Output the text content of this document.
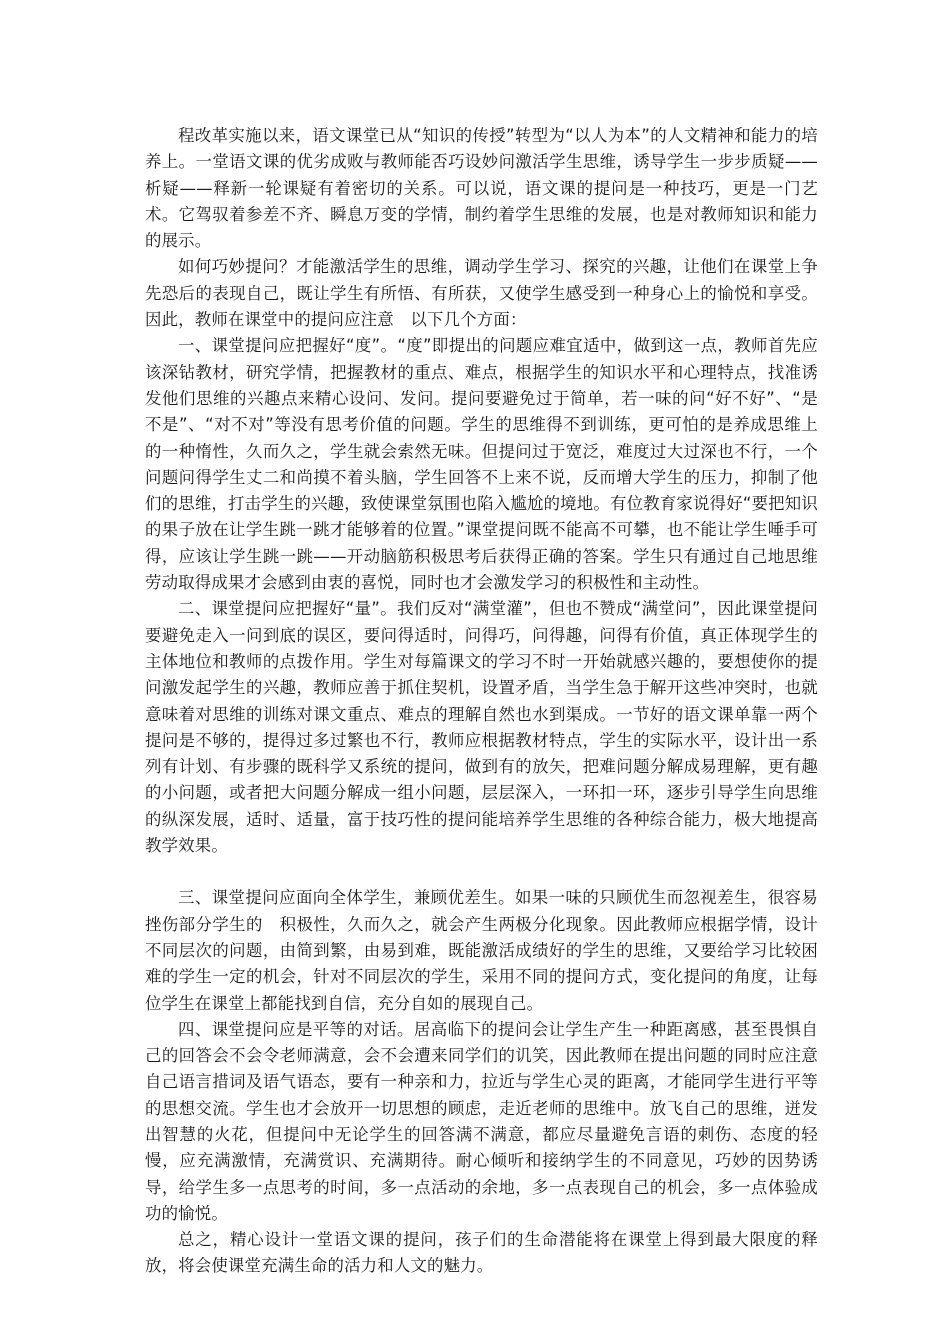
程改革实施以来，语文课堂已从“知识的传授”转型为“以人为本”的人文精神和能力的培养上。一堂语文课的优劣成败与教师能否巧设妙问激活学生思维，诱导学生一步步质疑——析疑——释新一轮课疑有着密切的关系。可以说，语文课的提问是一种技巧，更是一门艺术。它驾驭着参差不齐、瞬息万变的学情，制约着学生思维的发展，也是对教师知识和能力的展示。

如何巧妙提问？才能激活学生的思维，调动学生学习、探究的兴趣，让他们在课堂上争先恐后的表现自己，既让学生有所悟、有所获，又使学生感受到一种身心上的愉悦和享受。因此，教师在课堂中的提问应注意　以下几个方面：

一、课堂提问应把握好“度”。“度”即提出的问题应难宜适中，做到这一点，教师首先应该深钻教材，研究学情，把握教材的重点、难点，根据学生的知识水平和心理特点，找准诱发他们思维的兴趣点来精心设问、发问。提问要避免过于简单，若一味的问“好不好”、“是不是”、“对不对”等没有思考价值的问题。学生的思维得不到训练，更可怕的是养成思维上的一种惰性，久而久之，学生就会索然无味。但提问过于宽泛，难度过大过深也不行，一个问题问得学生丈二和尚摸不着头脑，学生回答不上来不说，反而增大学生的压力，抑制了他们的思维，打击学生的兴趣，致使课堂氛围也陷入尴尬的境地。有位教育家说得好“要把知识的果子放在让学生跳一跳才能够着的位置。”课堂提问既不能高不可攀，也不能让学生唾手可得，应该让学生跳一跳——开动脑筋积极思考后获得正确的答案。学生只有通过自己地思维劳动取得成果才会感到由衷的喜悦，同时也才会激发学习的积极性和主动性。

二、课堂提问应把握好“量”。我们反对“满堂灌”，但也不赞成“满堂问”，因此课堂提问要避免走入一问到底的误区，要问得适时，问得巧，问得趣，问得有价值，真正体现学生的主体地位和教师的点拨作用。学生对每篇课文的学习不时一开始就感兴趣的，要想使你的提问激发起学生的兴趣，教师应善于抓住契机，设置矛盾，当学生急于解开这些冲突时，也就意味着对思维的训练对课文重点、难点的理解自然也水到渠成。一节好的语文课单靠一两个提问是不够的，提得过多过繁也不行，教师应根据教材特点，学生的实际水平，设计出一系列有计划、有步骤的既科学又系统的提问，做到有的放矢，把难问题分解成易理解，更有趣的小问题，或者把大问题分解成一组小问题，层层深入，一环扣一环，逐步引导学生向思维的纵深发展，适时、适量，富于技巧性的提问能培养学生思维的各种综合能力，极大地提高教学效果。

三、课堂提问应面向全体学生，兼顾优差生。如果一味的只顾优生而忽视差生，很容易挫伤部分学生的　积极性，久而久之，就会产生两极分化现象。因此教师应根据学情，设计不同层次的问题，由简到繁，由易到难，既能激活成绩好的学生的思维，又要给学习比较困难的学生一定的机会，针对不同层次的学生，采用不同的提问方式，变化提问的角度，让每位学生在课堂上都能找到自信，充分自如的展现自己。

四、课堂提问应是平等的对话。居高临下的提问会让学生产生一种距离感，甚至畏惧自己的回答会不会令老师满意，会不会遭来同学们的讥笑，因此教师在提出问题的同时应注意自己语言措词及语气语态，要有一种亲和力，拉近与学生心灵的距离，才能同学生进行平等的思想交流。学生也才会放开一切思想的顾虑，走近老师的思维中。放飞自己的思维，迸发出智慧的火花，但提问中无论学生的回答满不满意，都应尽量避免言语的刺伤、态度的轻慢，应充满激情，充满赏识、充满期待。耐心倾听和接纳学生的不同意见，巧妙的因势诱导，给学生多一点思考的时间，多一点活动的余地，多一点表现自己的机会，多一点体验成功的愉悦。

总之，精心设计一堂语文课的提问，孩子们的生命潜能将在课堂上得到最大限度的释放，将会使课堂充满生命的活力和人文的魅力。
